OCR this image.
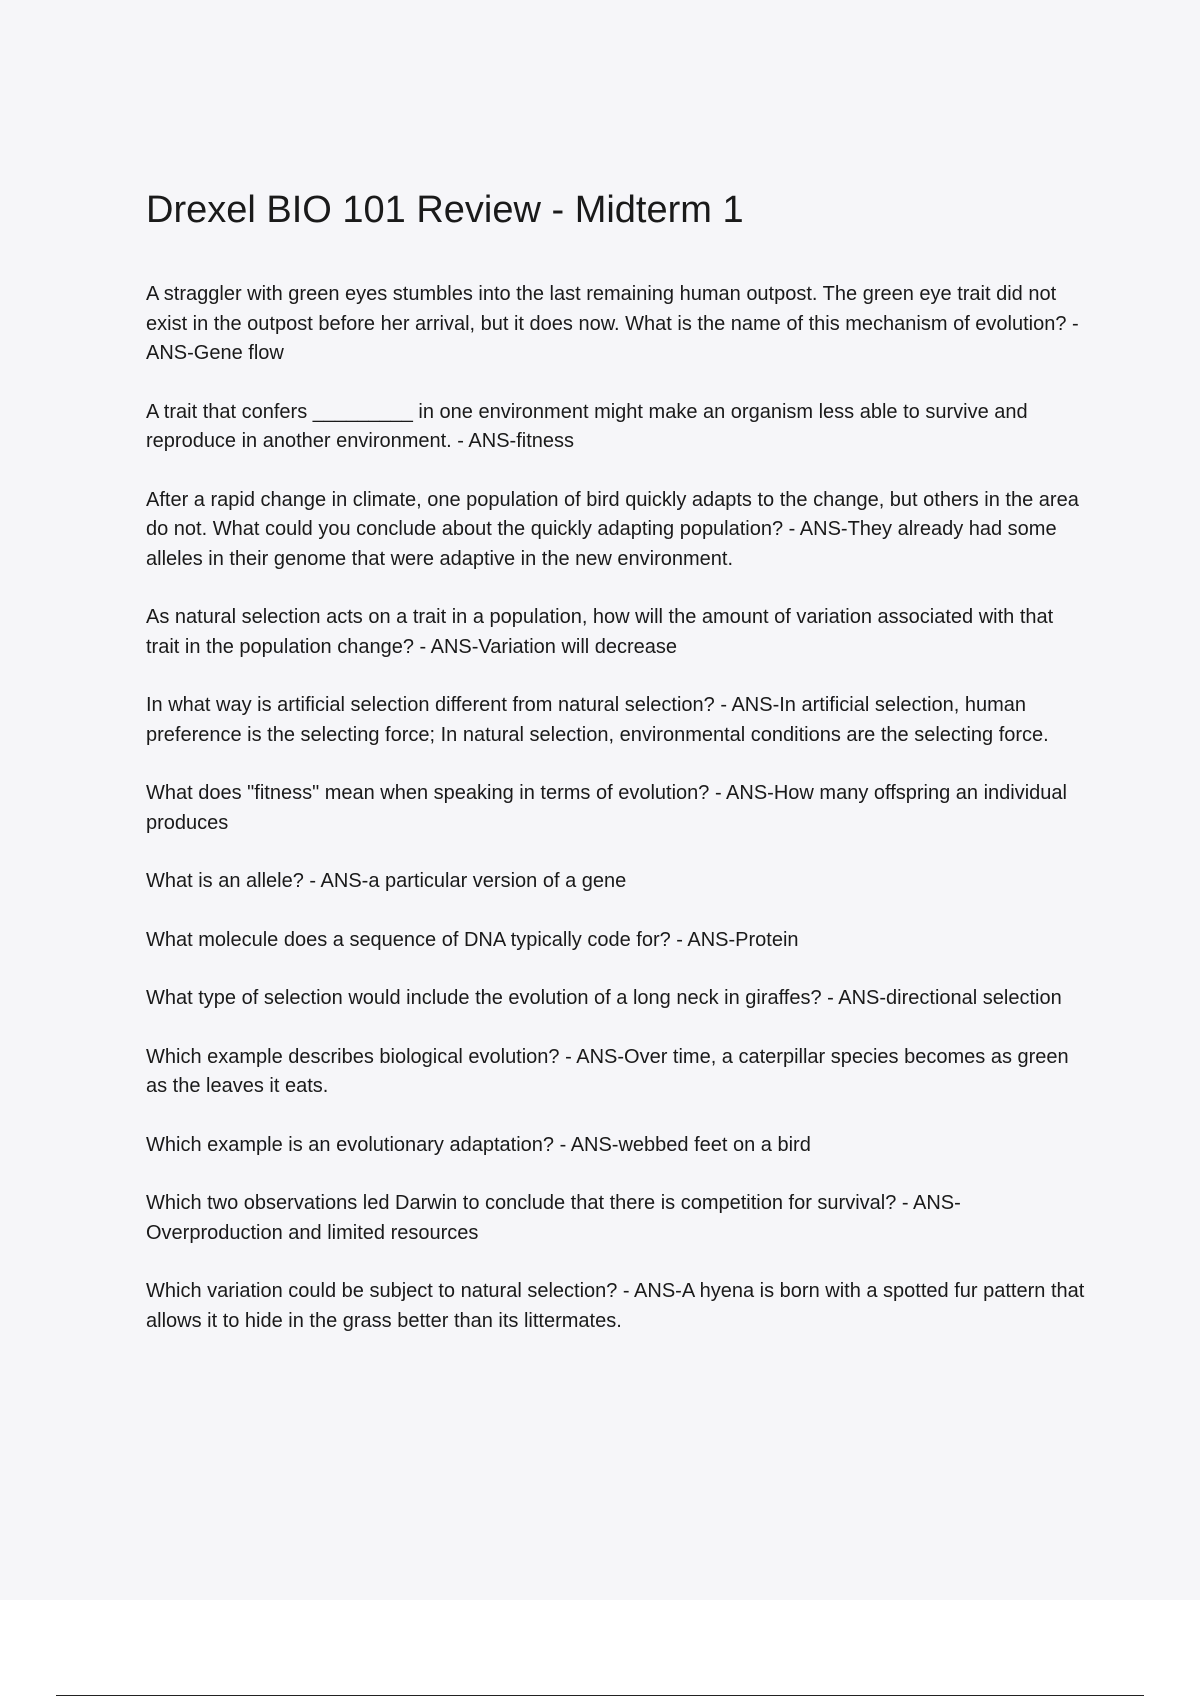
Drexel BIO 101 Review - Midterm 1
A straggler with green eyes stumbles into the last remaining human outpost. The green eye trait did not exist in the outpost before her arrival, but it does now. What is the name of this mechanism of evolution? - ANS-Gene flow
A trait that confers _________ in one environment might make an organism less able to survive and reproduce in another environment. - ANS-fitness
After a rapid change in climate, one population of bird quickly adapts to the change, but others in the area do not. What could you conclude about the quickly adapting population? - ANS-They already had some alleles in their genome that were adaptive in the new environment.
As natural selection acts on a trait in a population, how will the amount of variation associated with that trait in the population change? - ANS-Variation will decrease
In what way is artificial selection different from natural selection? - ANS-In artificial selection, human preference is the selecting force; In natural selection, environmental conditions are the selecting force.
What does "fitness" mean when speaking in terms of evolution? - ANS-How many offspring an individual produces
What is an allele? - ANS-a particular version of a gene
What molecule does a sequence of DNA typically code for? - ANS-Protein
What type of selection would include the evolution of a long neck in giraffes? - ANS-directional selection
Which example describes biological evolution? - ANS-Over time, a caterpillar species becomes as green as the leaves it eats.
Which example is an evolutionary adaptation? - ANS-webbed feet on a bird
Which two observations led Darwin to conclude that there is competition for survival? - ANS-Overproduction and limited resources
Which variation could be subject to natural selection? - ANS-A hyena is born with a spotted fur pattern that allows it to hide in the grass better than its littermates.
